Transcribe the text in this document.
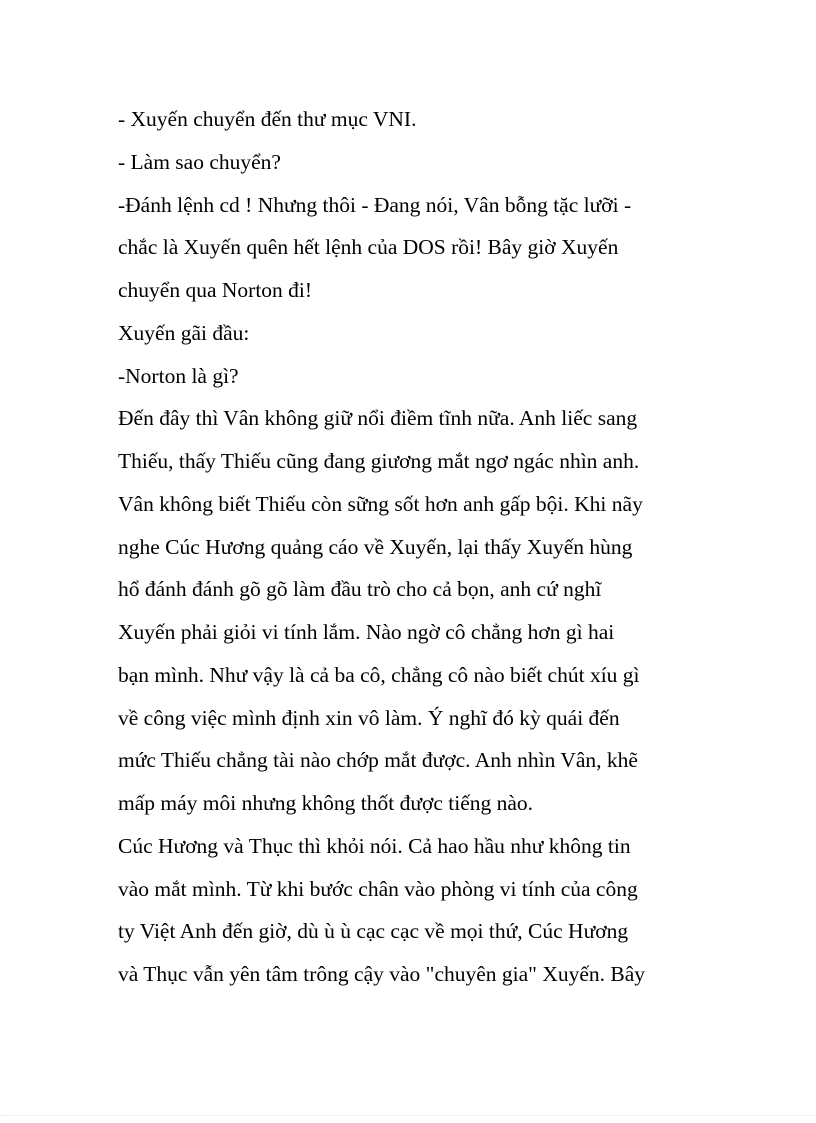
- Xuyến chuyển đến thư mục VNI.
- Làm sao chuyển?
-Đánh lệnh cd ! Nhưng thôi - Đang nói, Vân bỗng tặc lưỡi -
chắc là Xuyến quên hết lệnh của DOS rồi! Bây giờ Xuyến
chuyển qua Norton đi!
Xuyến gãi đầu:
-Norton là gì?
Đến đây thì Vân không giữ nổi điềm tĩnh nữa. Anh liếc sang
Thiếu, thấy Thiếu cũng đang giương mắt ngơ ngác nhìn anh.
Vân không biết Thiếu còn sững sốt hơn anh gấp bội. Khi nãy
nghe Cúc Hương quảng cáo về Xuyến, lại thấy Xuyến hùng
hổ đánh đánh gõ gõ làm đầu trò cho cả bọn, anh cứ nghĩ
Xuyến phải giỏi vi tính lắm. Nào ngờ cô chẳng hơn gì hai
bạn mình. Như vậy là cả ba cô, chẳng cô nào biết chút xíu gì
về công việc mình định xin vô làm. Ý nghĩ đó kỳ quái đến
mức Thiếu chẳng tài nào chớp mắt được. Anh nhìn Vân, khẽ
mấp máy môi nhưng không thốt được tiếng nào.
Cúc Hương và Thục thì khỏi nói. Cả hao hầu như không tin
vào mắt mình. Từ khi bước chân vào phòng vi tính của công
ty Việt Anh đến giờ, dù ù ù cạc cạc về mọi thứ, Cúc Hương
và Thục vẫn yên tâm trông cậy vào "chuyên gia" Xuyến. Bây
